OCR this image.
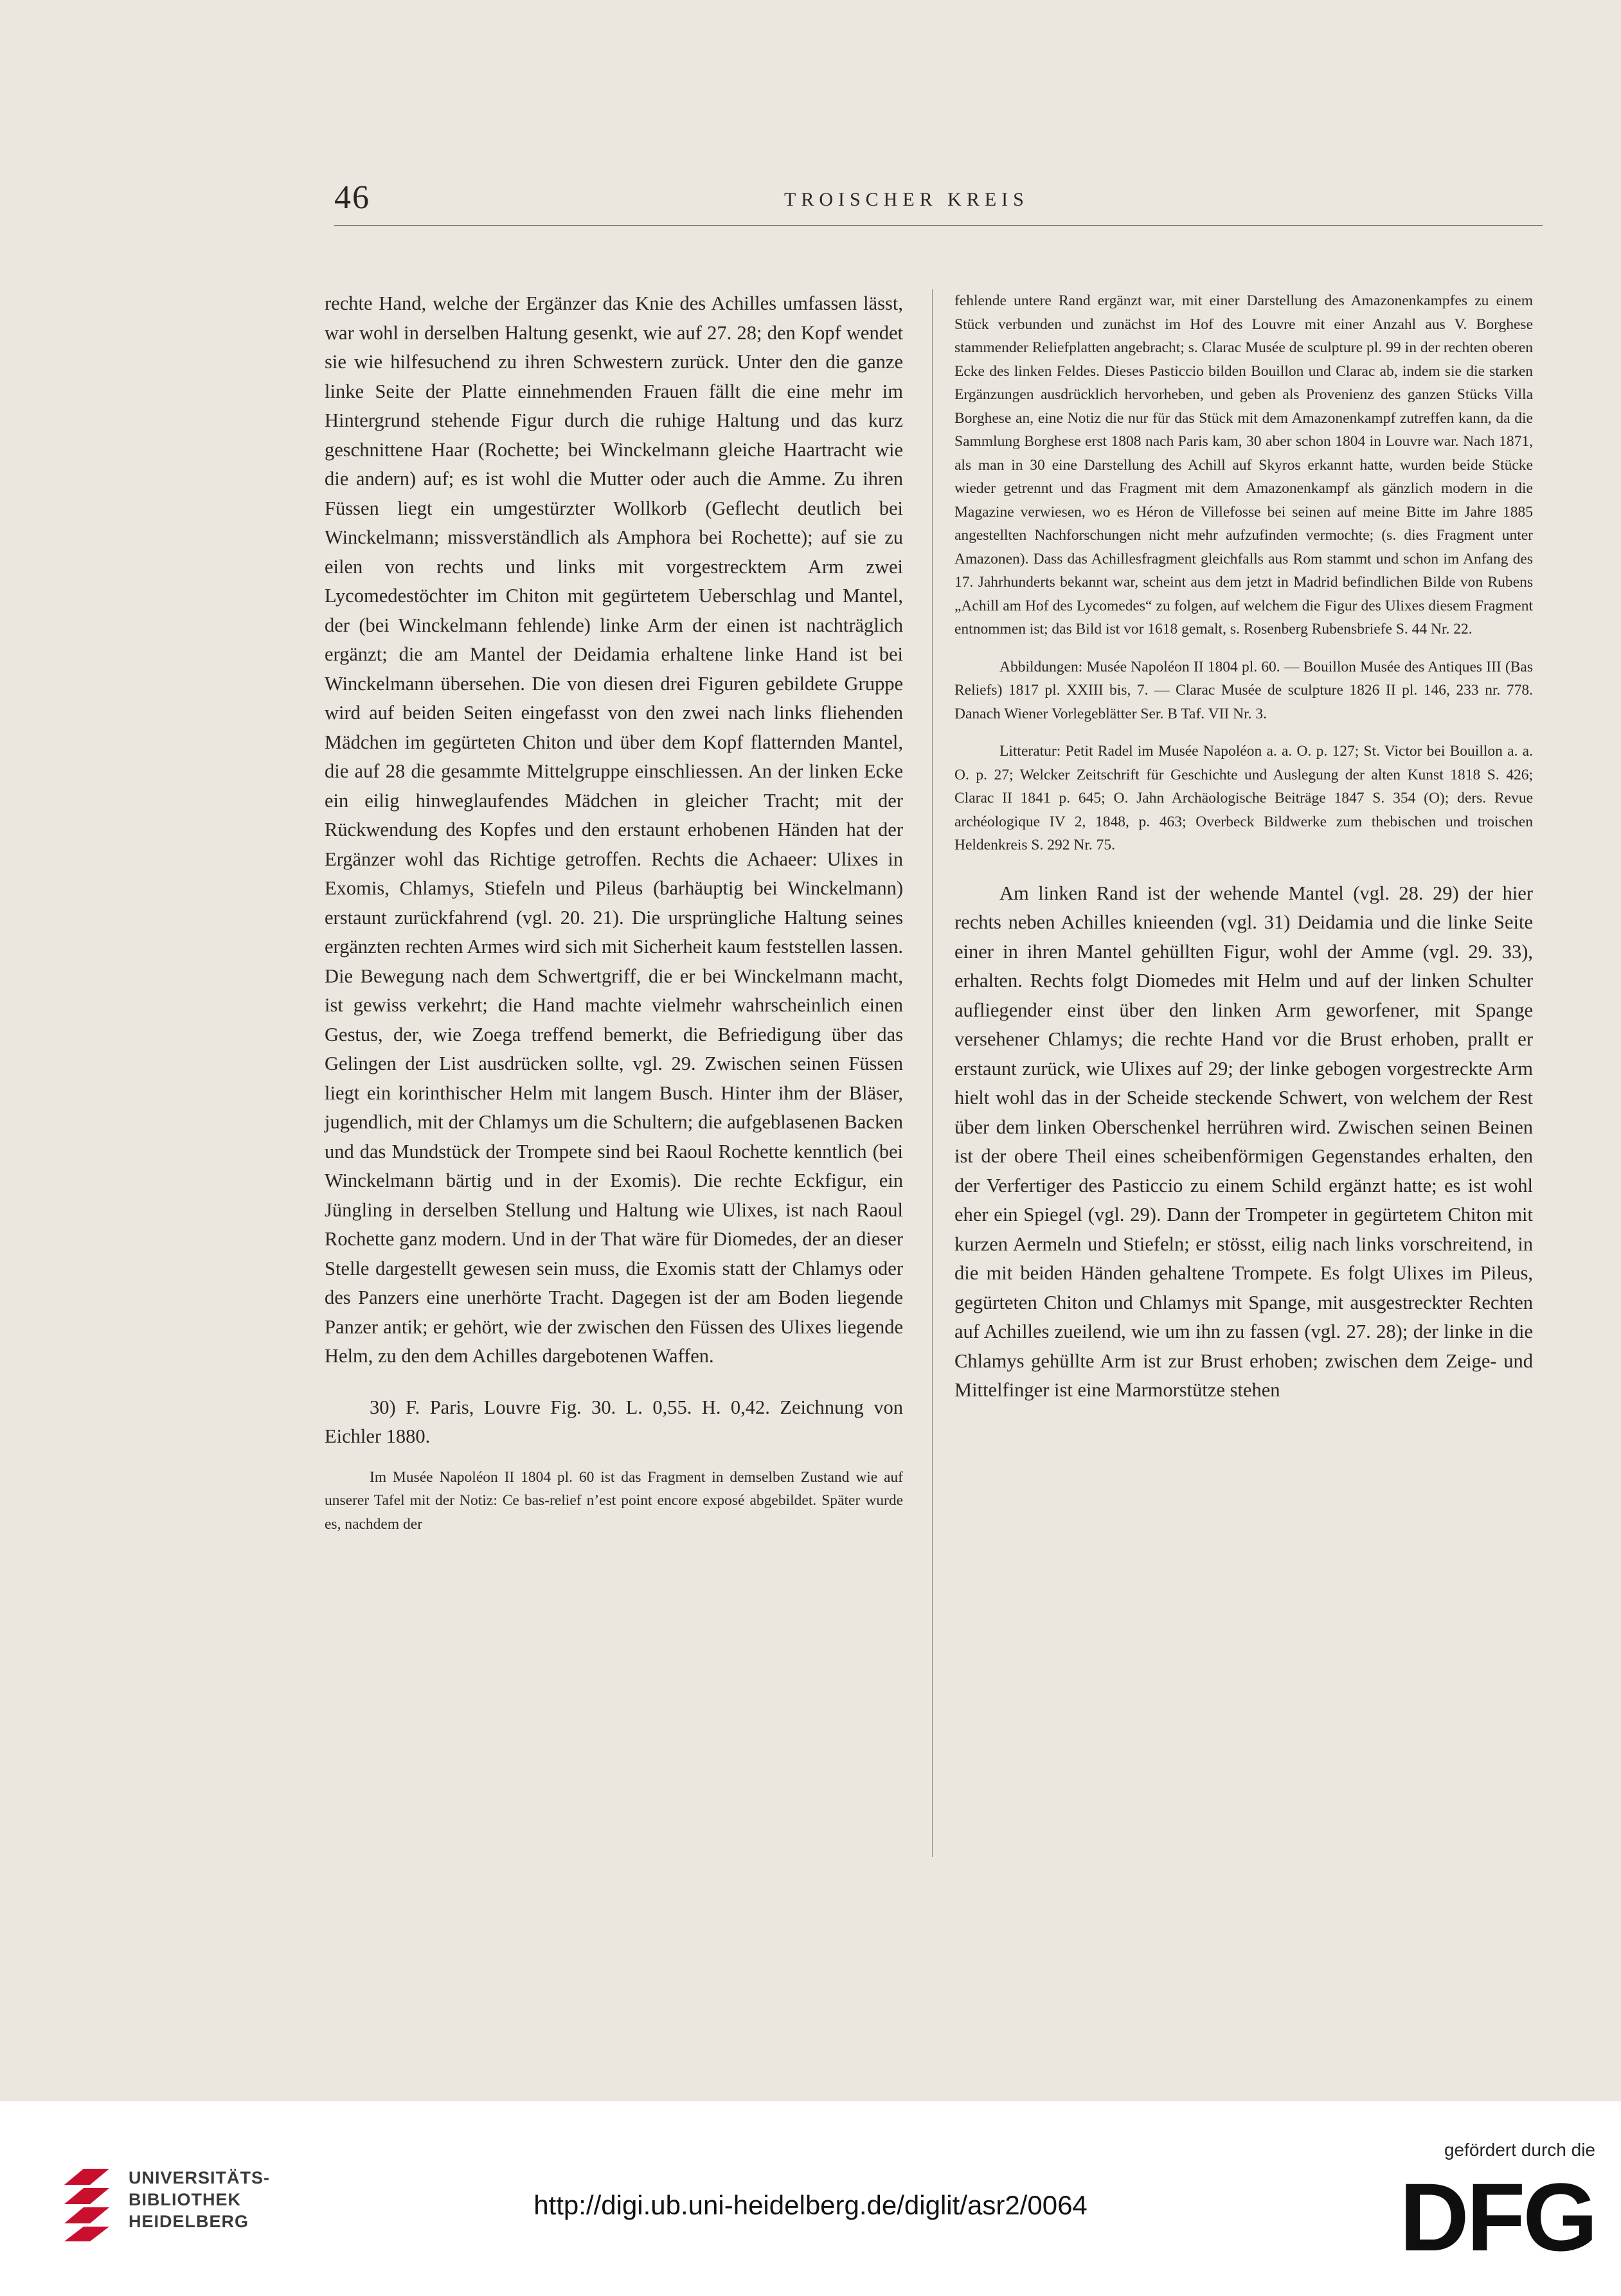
46	TROISCHER KREIS

rechte Hand, welche der Ergänzer das Knie des Achilles umfassen lässt, war wohl in derselben Haltung gesenkt, wie auf 27. 28; den Kopf wendet sie wie hilfesuchend zu ihren Schwestern zurück. Unter den die ganze linke Seite der Platte einnehmenden Frauen fällt die eine mehr im Hintergrund stehende Figur durch die ruhige Haltung und das kurz geschnittene Haar (Rochette; bei Winckelmann gleiche Haartracht wie die andern) auf; es ist wohl die Mutter oder auch die Amme. Zu ihren Füssen liegt ein umgestürzter Wollkorb (Geflecht deutlich bei Winckelmann; missverständlich als Amphora bei Rochette); auf sie zu eilen von rechts und links mit vorgestrecktem Arm zwei Lycomedestöchter im Chiton mit gegürtetem Ueberschlag und Mantel, der (bei Winckelmann fehlende) linke Arm der einen ist nachträglich ergänzt; die am Mantel der Deidamia erhaltene linke Hand ist bei Winckelmann übersehen. Die von diesen drei Figuren gebildete Gruppe wird auf beiden Seiten eingefasst von den zwei nach links fliehenden Mädchen im gegürteten Chiton und über dem Kopf flatternden Mantel, die auf 28 die gesammte Mittelgruppe einschliessen. An der linken Ecke ein eilig hinweglaufendes Mädchen in gleicher Tracht; mit der Rückwendung des Kopfes und den erstaunt erhobenen Händen hat der Ergänzer wohl das Richtige getroffen. Rechts die Achaeer: Ulixes in Exomis, Chlamys, Stiefeln und Pileus (barhäuptig bei Winckelmann) erstaunt zurückfahrend (vgl. 20. 21). Die ursprüngliche Haltung seines ergänzten rechten Armes wird sich mit Sicherheit kaum feststellen lassen. Die Bewegung nach dem Schwertgriff, die er bei Winckelmann macht, ist gewiss verkehrt; die Hand machte vielmehr wahrscheinlich einen Gestus, der, wie Zoega treffend bemerkt, die Befriedigung über das Gelingen der List ausdrücken sollte, vgl. 29. Zwischen seinen Füssen liegt ein korinthischer Helm mit langem Busch. Hinter ihm der Bläser, jugendlich, mit der Chlamys um die Schultern; die aufgeblasenen Backen und das Mundstück der Trompete sind bei Raoul Rochette kenntlich (bei Winckelmann bärtig und in der Exomis). Die rechte Eckfigur, ein Jüngling in derselben Stellung und Haltung wie Ulixes, ist nach Raoul Rochette ganz modern. Und in der That wäre für Diomedes, der an dieser Stelle dargestellt gewesen sein muss, die Exomis statt der Chlamys oder des Panzers eine unerhörte Tracht. Dagegen ist der am Boden liegende Panzer antik; er gehört, wie der zwischen den Füssen des Ulixes liegende Helm, zu den dem Achilles dargebotenen Waffen.

30) F. Paris, Louvre Fig. 30. L. 0,55. H. 0,42. Zeichnung von Eichler 1880.

Im Musée Napoléon II 1804 pl. 60 ist das Fragment in demselben Zustand wie auf unserer Tafel mit der Notiz: Ce bas-relief n’est point encore exposé abgebildet. Später wurde es, nachdem der

fehlende untere Rand ergänzt war, mit einer Darstellung des Amazonenkampfes zu einem Stück verbunden und zunächst im Hof des Louvre mit einer Anzahl aus V. Borghese stammender Reliefplatten angebracht; s. Clarac Musée de sculpture pl. 99 in der rechten oberen Ecke des linken Feldes. Dieses Pasticcio bilden Bouillon und Clarac ab, indem sie die starken Ergänzungen ausdrücklich hervorheben, und geben als Provenienz des ganzen Stücks Villa Borghese an, eine Notiz die nur für das Stück mit dem Amazonenkampf zutreffen kann, da die Sammlung Borghese erst 1808 nach Paris kam, 30 aber schon 1804 in Louvre war. Nach 1871, als man in 30 eine Darstellung des Achill auf Skyros erkannt hatte, wurden beide Stücke wieder getrennt und das Fragment mit dem Amazonenkampf als gänzlich modern in die Magazine verwiesen, wo es Héron de Villefosse bei seinen auf meine Bitte im Jahre 1885 angestellten Nachforschungen nicht mehr aufzufinden vermochte; (s. dies Fragment unter Amazonen). Dass das Achillesfragment gleichfalls aus Rom stammt und schon im Anfang des 17. Jahrhunderts bekannt war, scheint aus dem jetzt in Madrid befindlichen Bilde von Rubens „Achill am Hof des Lycomedes“ zu folgen, auf welchem die Figur des Ulixes diesem Fragment entnommen ist; das Bild ist vor 1618 gemalt, s. Rosenberg Rubensbriefe S. 44 Nr. 22.

Abbildungen: Musée Napoléon II 1804 pl. 60. — Bouillon Musée des Antiques III (Bas Reliefs) 1817 pl. XXIII bis, 7. — Clarac Musée de sculpture 1826 II pl. 146, 233 nr. 778. Danach Wiener Vorlegeblätter Ser. B Taf. VII Nr. 3.

Litteratur: Petit Radel im Musée Napoléon a. a. O. p. 127; St. Victor bei Bouillon a. a. O. p. 27; Welcker Zeitschrift für Geschichte und Auslegung der alten Kunst 1818 S. 426; Clarac II 1841 p. 645; O. Jahn Archäologische Beiträge 1847 S. 354 (O); ders. Revue archéologique IV 2, 1848, p. 463; Overbeck Bildwerke zum thebischen und troischen Heldenkreis S. 292 Nr. 75.

Am linken Rand ist der wehende Mantel (vgl. 28. 29) der hier rechts neben Achilles knieenden (vgl. 31) Deidamia und die linke Seite einer in ihren Mantel gehüllten Figur, wohl der Amme (vgl. 29. 33), erhalten. Rechts folgt Diomedes mit Helm und auf der linken Schulter aufliegender einst über den linken Arm geworfener, mit Spange versehener Chlamys; die rechte Hand vor die Brust erhoben, prallt er erstaunt zurück, wie Ulixes auf 29; der linke gebogen vorgestreckte Arm hielt wohl das in der Scheide steckende Schwert, von welchem der Rest über dem linken Oberschenkel herrühren wird. Zwischen seinen Beinen ist der obere Theil eines scheibenförmigen Gegenstandes erhalten, den der Verfertiger des Pasticcio zu einem Schild ergänzt hatte; es ist wohl eher ein Spiegel (vgl. 29). Dann der Trompeter in gegürtetem Chiton mit kurzen Aermeln und Stiefeln; er stösst, eilig nach links vorschreitend, in die mit beiden Händen gehaltene Trompete. Es folgt Ulixes im Pileus, gegürteten Chiton und Chlamys mit Spange, mit ausgestreckter Rechten auf Achilles zueilend, wie um ihn zu fassen (vgl. 27. 28); der linke in die Chlamys gehüllte Arm ist zur Brust erhoben; zwischen dem Zeige- und Mittelfinger ist eine Marmorstütze stehen

UNIVERSITÄTS-
BIBLIOTHEK
HEIDELBERG
http://digi.ub.uni-heidelberg.de/diglit/asr2/0064
gefördert durch die
DFG
